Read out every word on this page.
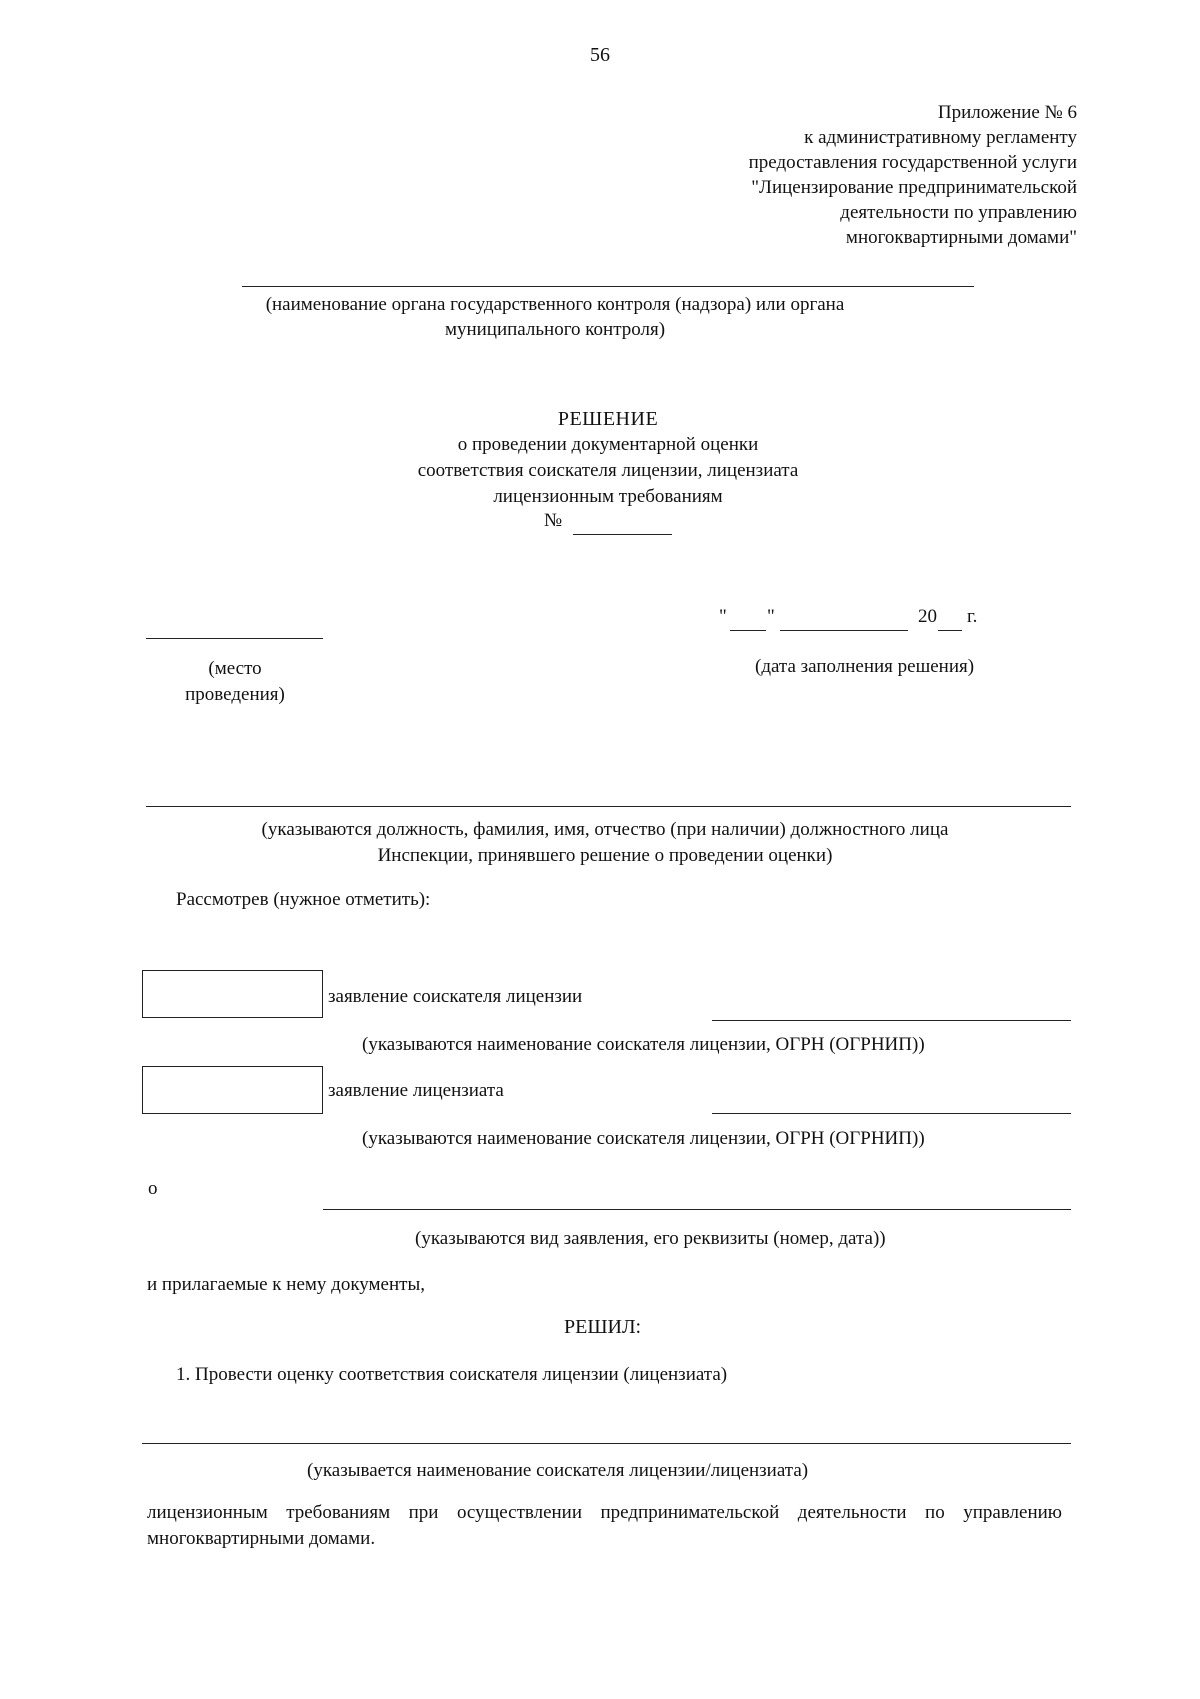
56
Приложение № 6
к административному регламенту
предоставления государственной услуги
"Лицензирование предпринимательской
деятельности по управлению
многоквартирными домами"
(наименование органа государственного контроля (надзора) или органа
муниципального контроля)
РЕШЕНИЕ
о проведении документарной оценки
соответствия соискателя лицензии, лицензиата
лицензионным требованиям
№
" "	20 г.
(место
проведения)
(дата заполнения решения)
(указываются должность, фамилия, имя, отчество (при наличии) должностного лица
Инспекции, принявшего решение о проведении оценки)
Рассмотрев (нужное отметить):
заявление соискателя лицензии
(указываются наименование соискателя лицензии, ОГРН (ОГРНИП))
заявление лицензиата
(указываются наименование соискателя лицензии, ОГРН (ОГРНИП))
о
(указываются вид заявления, его реквизиты (номер, дата))
и прилагаемые к нему документы,
РЕШИЛ:
1. Провести оценку соответствия соискателя лицензии (лицензиата)
(указывается наименование соискателя лицензии/лицензиата)
лицензионным требованиям при осуществлении предпринимательской деятельности по управлению многоквартирными домами.
